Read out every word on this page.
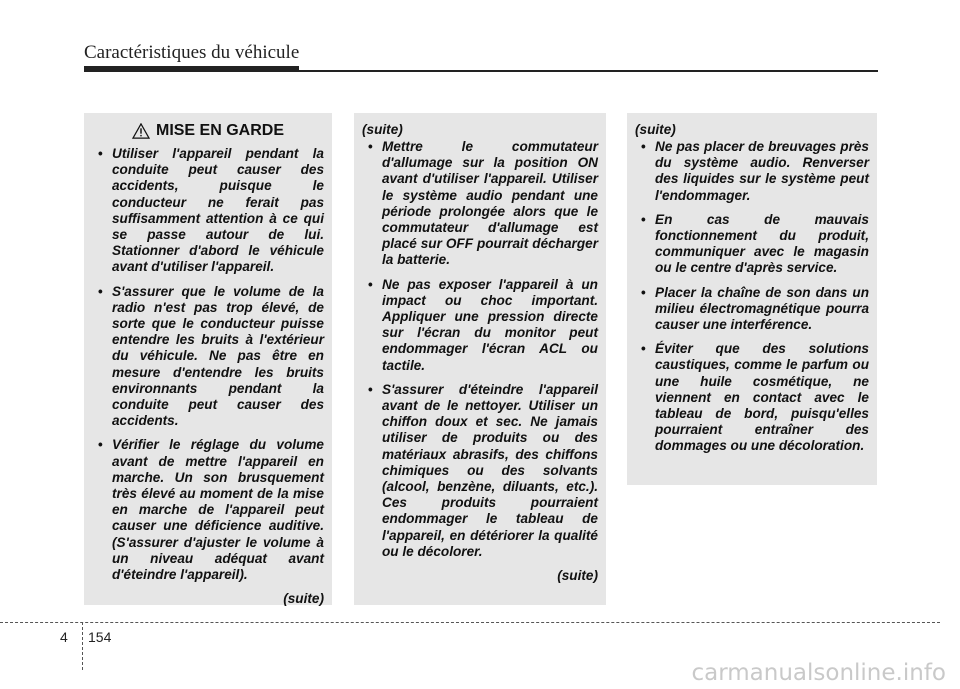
Caractéristiques du véhicule
MISE EN GARDE
• Utiliser l'appareil pendant la conduite peut causer des accidents, puisque le conducteur ne ferait pas suffisamment attention à ce qui se passe autour de lui. Stationner d'abord le véhicule avant d'utiliser l'appareil.
• S'assurer que le volume de la radio n'est pas trop élevé, de sorte que le conducteur puisse entendre les bruits à l'extérieur du véhicule. Ne pas être en mesure d'entendre les bruits environnants pendant la conduite peut causer des accidents.
• Vérifier le réglage du volume avant de mettre l'appareil en marche. Un son brusquement très élevé au moment de la mise en marche de l'appareil peut causer une déficience auditive. (S'assurer d'ajuster le volume à un niveau adéquat avant d'éteindre l'appareil).
(suite)
(suite)
• Mettre le commutateur d'allumage sur la position ON avant d'utiliser l'appareil. Utiliser le système audio pendant une période prolongée alors que le commutateur d'allumage est placé sur OFF pourrait décharger la batterie.
• Ne pas exposer l'appareil à un impact ou choc important. Appliquer une pression directe sur l'écran du monitor peut endommager l'écran ACL ou tactile.
• S'assurer d'éteindre l'appareil avant de le nettoyer. Utiliser un chiffon doux et sec. Ne jamais utiliser de produits ou des matériaux abrasifs, des chiffons chimiques ou des solvants (alcool, benzène, diluants, etc.). Ces produits pourraient endommager le tableau de l'appareil, en détériorer la qualité ou le décolorer.
(suite)
(suite)
• Ne pas placer de breuvages près du système audio. Renverser des liquides sur le système peut l'endommager.
• En cas de mauvais fonctionnement du produit, communiquer avec le magasin ou le centre d'après service.
• Placer la chaîne de son dans un milieu électromagnétique pourra causer une interférence.
• Éviter que des solutions caustiques, comme le parfum ou une huile cosmétique, ne viennent en contact avec le tableau de bord, puisqu'elles pourraient entraîner des dommages ou une décoloration.
4 154
carmanualsonline.info
